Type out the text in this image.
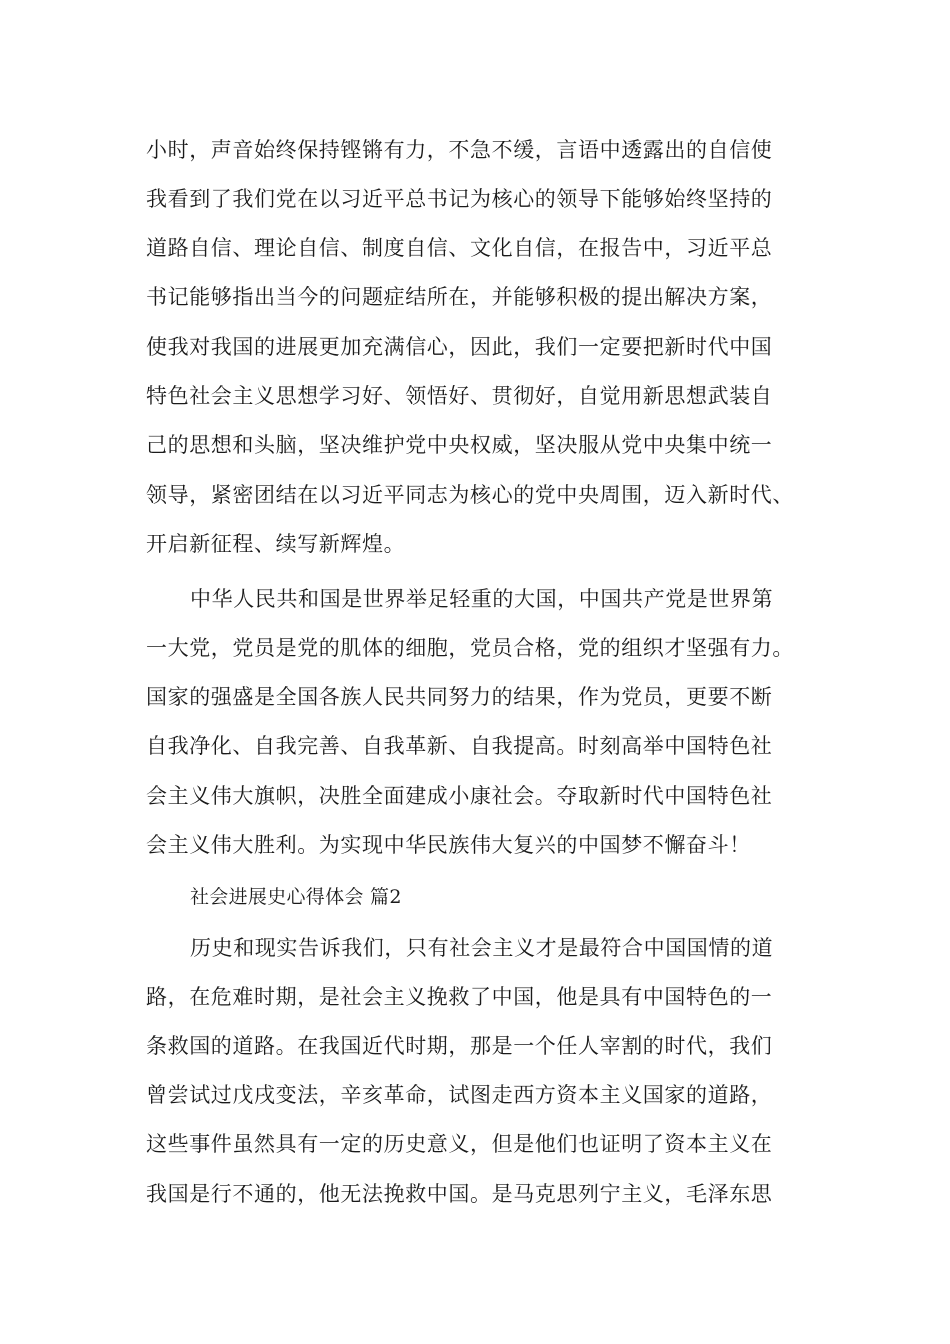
小时，声音始终保持铿锵有力，不急不缓，言语中透露出的自信使
我看到了我们党在以习近平总书记为核心的领导下能够始终坚持的
道路自信、理论自信、制度自信、文化自信，在报告中，习近平总
书记能够指出当今的问题症结所在，并能够积极的提出解决方案，
使我对我国的进展更加充满信心，因此，我们一定要把新时代中国
特色社会主义思想学习好、领悟好、贯彻好，自觉用新思想武装自
己的思想和头脑，坚决维护党中央权威，坚决服从党中央集中统一
领导，紧密团结在以习近平同志为核心的党中央周围，迈入新时代、
开启新征程、续写新辉煌。
中华人民共和国是世界举足轻重的大国，中国共产党是世界第
一大党，党员是党的肌体的细胞，党员合格，党的组织才坚强有力。
国家的强盛是全国各族人民共同努力的结果，作为党员，更要不断
自我净化、自我完善、自我革新、自我提高。时刻高举中国特色社
会主义伟大旗帜，决胜全面建成小康社会。夺取新时代中国特色社
会主义伟大胜利。为实现中华民族伟大复兴的中国梦不懈奋斗！
社会进展史心得体会 篇2
历史和现实告诉我们，只有社会主义才是最符合中国国情的道
路，在危难时期，是社会主义挽救了中国，他是具有中国特色的一
条救国的道路。在我国近代时期，那是一个任人宰割的时代，我们
曾尝试过戊戌变法，辛亥革命，试图走西方资本主义国家的道路，
这些事件虽然具有一定的历史意义，但是他们也证明了资本主义在
我国是行不通的，他无法挽救中国。是马克思列宁主义，毛泽东思
